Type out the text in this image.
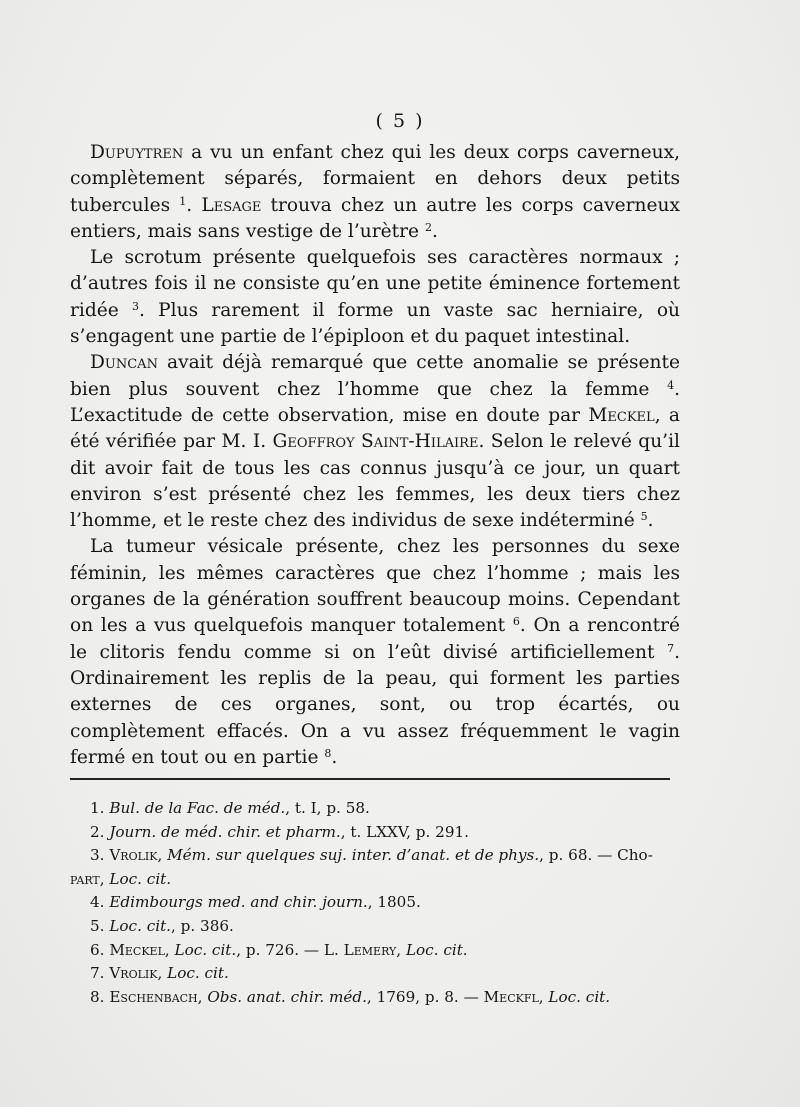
( 5 )

Dupuytren a vu un enfant chez qui les deux corps caverneux, complètement séparés, formaient en dehors deux petits tubercules $^1$. Lesage trouva chez un autre les corps caverneux entiers, mais sans vestige de l’urètre $^2$.

Le scrotum présente quelquefois ses caractères normaux ; d’autres fois il ne consiste qu’en une petite éminence fortement ridée $^3$. Plus rarement il forme un vaste sac herniaire, où s’engagent une partie de l’épiploon et du paquet intestinal.

Duncan avait déjà remarqué que cette anomalie se présente bien plus souvent chez l’homme que chez la femme $^4$. L’exactitude de cette observation, mise en doute par Meckel, a été vérifiée par M. I. Geoffroy Saint-Hilaire. Selon le relevé qu’il dit avoir fait de tous les cas connus jusqu’à ce jour, un quart environ s’est présenté chez les femmes, les deux tiers chez l’homme, et le reste chez des individus de sexe indéterminé $^5$.

La tumeur vésicale présente, chez les personnes du sexe féminin, les mêmes caractères que chez l’homme ; mais les organes de la génération souffrent beaucoup moins. Cependant on les a vus quelquefois manquer totalement $^6$. On a rencontré le clitoris fendu comme si on l’eût divisé artificiellement $^7$. Ordinairement les replis de la peau, qui forment les parties externes de ces organes, sont, ou trop écartés, ou complètement effacés. On a vu assez fréquemment le vagin fermé en tout ou en partie $^8$.

1. Bul. de la Fac. de méd., t. I, p. 58.
2. Journ. de méd. chir. et pharm., t. LXXV, p. 291.
3. Vrolik, Mém. sur quelques suj. inter. d’anat. et de phys., p. 68. — Cho-
part, Loc. cit.
4. Edimbourgs med. and chir. journ., 1805.
5. Loc. cit., p. 386.
6. Meckel, Loc. cit., p. 726. — L. Lemery, Loc. cit.
7. Vrolik, Loc. cit.
8. Eschenbach, Obs. anat. chir. méd., 1769, p. 8. — Meckfl, Loc. cit.
